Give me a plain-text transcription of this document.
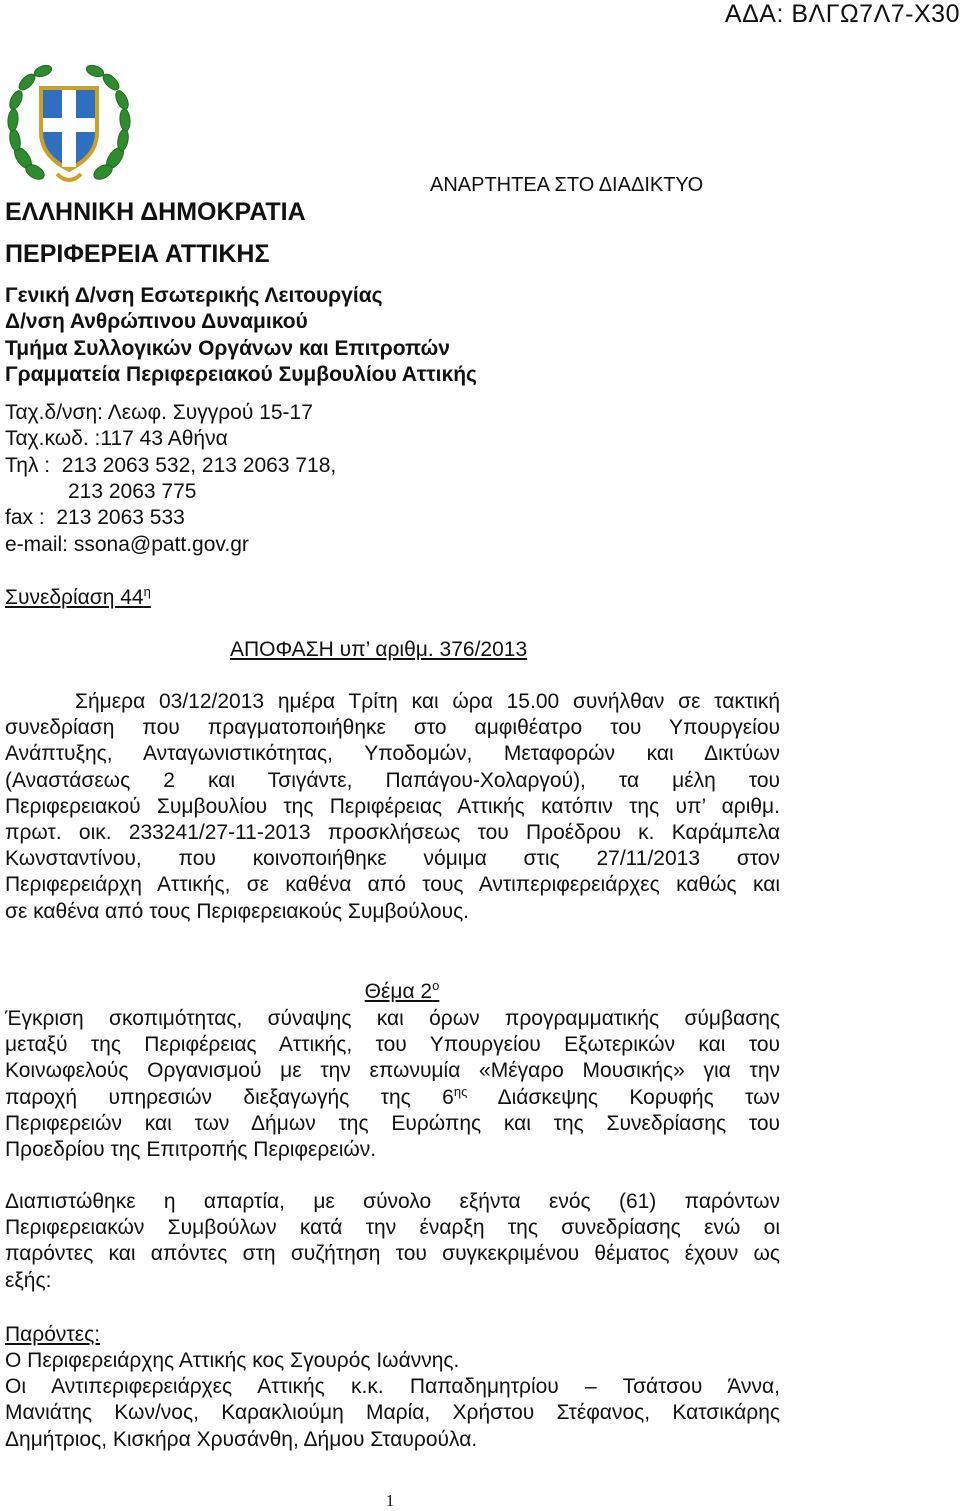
ΑΔΑ: ΒΛΓΩ7Λ7-Χ30
ΑΝΑΡΤΗΤΕΑ ΣΤΟ ΔΙΑΔΙΚΤΥΟ
ΕΛΛΗΝΙΚΗ ΔΗΜΟΚΡΑΤΙΑ
ΠΕΡΙΦΕΡΕΙΑ ΑΤΤΙΚΗΣ
Γενική Δ/νση Εσωτερικής Λειτουργίας
Δ/νση Ανθρώπινου Δυναμικού
Τμήμα Συλλογικών Οργάνων και Επιτροπών
Γραμματεία Περιφερειακού Συμβουλίου Αττικής
Ταχ.δ/νση: Λεωφ. Συγγρού 15-17
Ταχ.κωδ. :117 43 Αθήνα
Τηλ :  213 2063 532, 213 2063 718,
213 2063 775
fax :  213 2063 533
e-mail: ssona@patt.gov.gr
Συνεδρίαση $44^\eta$
ΑΠΟΦΑΣΗ υπ’ αριθμ. 376/2013
Σήμερα 03/12/2013 ημέρα Τρίτη και ώρα 15.00 συνήλθαν σε τακτική
συνεδρίαση που πραγματοποιήθηκε στο αμφιθέατρο του Υπουργείου
Ανάπτυξης, Ανταγωνιστικότητας, Υποδομών, Μεταφορών και Δικτύων
(Αναστάσεως 2 και Τσιγάντε, Παπάγου-Χολαργού), τα μέλη του
Περιφερειακού Συμβουλίου της Περιφέρειας Αττικής κατόπιν της υπ’ αριθμ.
πρωτ. οικ. 233241/27-11-2013 προσκλήσεως του Προέδρου κ. Καράμπελα
Κωνσταντίνου, που κοινοποιήθηκε νόμιμα στις 27/11/2013 στον
Περιφερειάρχη Αττικής, σε καθένα από τους Αντιπεριφερειάρχες καθώς και
σε καθένα από τους Περιφερειακούς Συμβούλους.
Θέμα $2^o$
Έγκριση σκοπιμότητας, σύναψης και όρων προγραμματικής σύμβασης
μεταξύ της Περιφέρειας Αττικής, του Υπουργείου Εξωτερικών και του
Κοινωφελούς Οργανισμού με την επωνυμία «Μέγαρο Μουσικής» για την
παροχή υπηρεσιών διεξαγωγής της $6^{\eta\varsigma}$ Διάσκεψης Κορυφής των
Περιφερειών και των Δήμων της Ευρώπης και της Συνεδρίασης του
Προεδρίου της Επιτροπής Περιφερειών.
Διαπιστώθηκε η απαρτία, με σύνολο εξήντα ενός (61) παρόντων
Περιφερειακών Συμβούλων κατά την έναρξη της συνεδρίασης ενώ οι
παρόντες και απόντες στη συζήτηση του συγκεκριμένου θέματος έχουν ως
εξής:
Παρόντες:
Ο Περιφερειάρχης Αττικής κος Σγουρός Ιωάννης.
Οι Αντιπεριφερειάρχες Αττικής κ.κ. Παπαδημητρίου – Τσάτσου Άννα,
Μανιάτης Κων/νος, Καρακλιούμη Μαρία, Χρήστου Στέφανος, Κατσικάρης
Δημήτριος, Κισκήρα Χρυσάνθη, Δήμου Σταυρούλα.
1
